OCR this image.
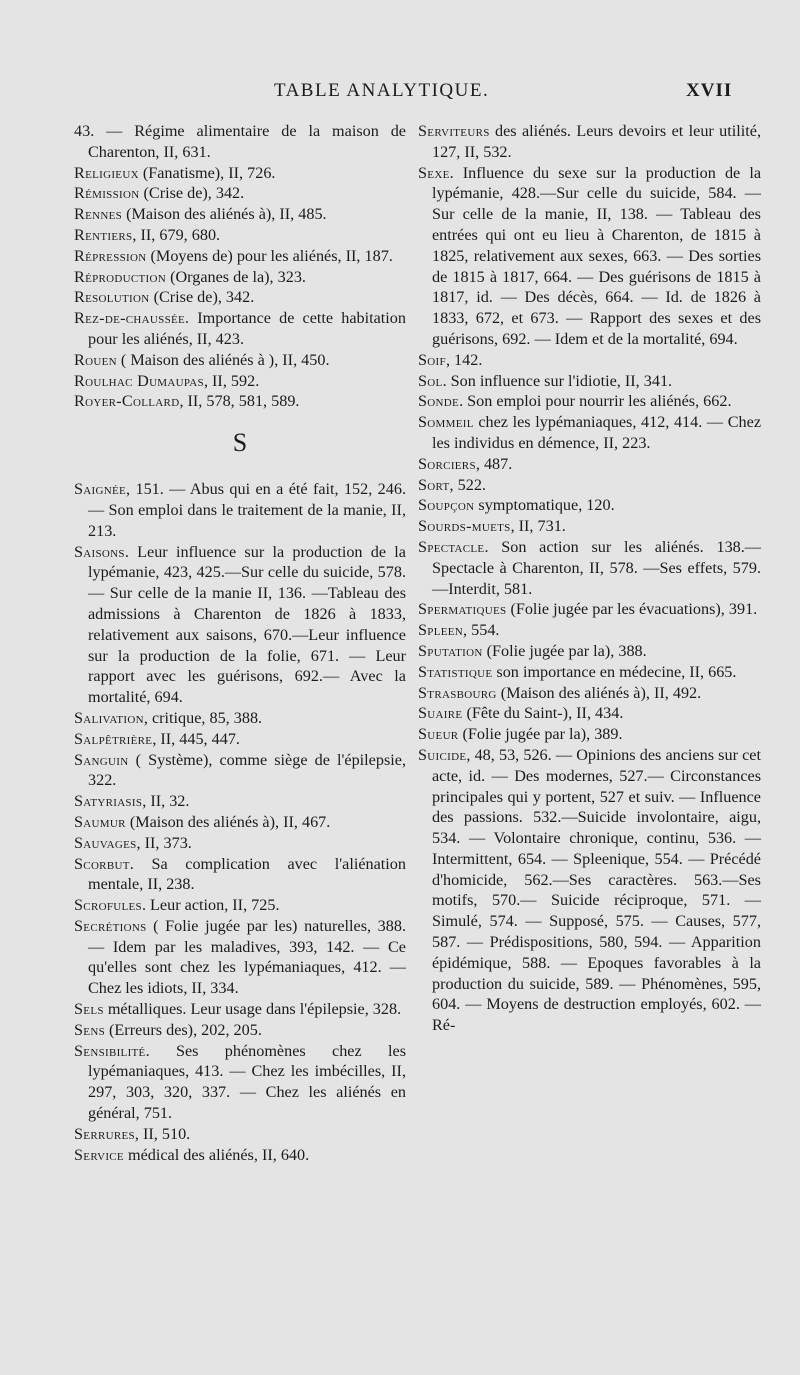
TABLE ANALYTIQUE.	XVII

43. — Régime alimentaire de la maison de Charenton, II, 631.

Religieux (Fanatisme), II, 726.

Rémission (Crise de), 342.

Rennes (Maison des aliénés à), II, 485.

Rentiers, II, 679, 680.

Répression (Moyens de) pour les aliénés, II, 187.

Réproduction (Organes de la), 323.

Resolution (Crise de), 342.

Rez-de-chaussée. Importance de cette habitation pour les aliénés, II, 423.

Rouen ( Maison des aliénés à ), II, 450.

Roulhac Dumaupas, II, 592.

Royer-Collard, II, 578, 581, 589.

S

Saignée, 151. — Abus qui en a été fait, 152, 246. — Son emploi dans le traitement de la manie, II, 213.

Saisons. Leur influence sur la production de la lypémanie, 423, 425.—Sur celle du suicide, 578. — Sur celle de la manie II, 136. —Tableau des admissions à Charenton de 1826 à 1833, relativement aux saisons, 670.—Leur influence sur la production de la folie, 671. — Leur rapport avec les guérisons, 692.— Avec la mortalité, 694.

Salivation, critique, 85, 388.

Salpêtrière, II, 445, 447.

Sanguin ( Système), comme siège de l'épilepsie, 322.

Satyriasis, II, 32.

Saumur (Maison des aliénés à), II, 467.

Sauvages, II, 373.

Scorbut. Sa complication avec l'aliénation mentale, II, 238.

Scrofules. Leur action, II, 725.

Secrétions ( Folie jugée par les) naturelles, 388. — Idem par les maladives, 393, 142. — Ce qu'elles sont chez les lypémaniaques, 412. — Chez les idiots, II, 334.

Sels métalliques. Leur usage dans l'épilepsie, 328.

Sens (Erreurs des), 202, 205.

Sensibilité. Ses phénomènes chez les lypémaniaques, 413. — Chez les imbécilles, II, 297, 303, 320, 337. — Chez les aliénés en général, 751.

Serrures, II, 510.

Service médical des aliénés, II, 640.

Serviteurs des aliénés. Leurs devoirs et leur utilité, 127, II, 532.

Sexe. Influence du sexe sur la production de la lypémanie, 428.—Sur celle du suicide, 584. — Sur celle de la manie, II, 138. — Tableau des entrées qui ont eu lieu à Charenton, de 1815 à 1825, relativement aux sexes, 663. — Des sorties de 1815 à 1817, 664. — Des guérisons de 1815 à 1817, id. — Des décès, 664. — Id. de 1826 à 1833, 672, et 673. — Rapport des sexes et des guérisons, 692. — Idem et de la mortalité, 694.

Soif, 142.

Sol. Son influence sur l'idiotie, II, 341.

Sonde. Son emploi pour nourrir les aliénés, 662.

Sommeil chez les lypémaniaques, 412, 414. — Chez les individus en démence, II, 223.

Sorciers, 487.

Sort, 522.

Soupçon symptomatique, 120.

Sourds-muets, II, 731.

Spectacle. Son action sur les aliénés. 138.—Spectacle à Charenton, II, 578. —Ses effets, 579.—Interdit, 581.

Spermatiques (Folie jugée par les évacuations), 391.

Spleen, 554.

Sputation (Folie jugée par la), 388.

Statistique son importance en médecine, II, 665.

Strasbourg (Maison des aliénés à), II, 492.

Suaire (Fête du Saint-), II, 434.

Sueur (Folie jugée par la), 389.

Suicide, 48, 53, 526. — Opinions des anciens sur cet acte, id. — Des modernes, 527.— Circonstances principales qui y portent, 527 et suiv. — Influence des passions. 532.—Suicide involontaire, aigu, 534. — Volontaire chronique, continu, 536. — Intermittent, 654. — Spleenique, 554. — Précédé d'homicide, 562.—Ses caractères. 563.—Ses motifs, 570.— Suicide réciproque, 571. — Simulé, 574. — Supposé, 575. — Causes, 577, 587. — Prédispositions, 580, 594. — Apparition épidémique, 588. — Epoques favorables à la production du suicide, 589. — Phénomènes, 595, 604. — Moyens de destruction employés, 602. — Ré-
